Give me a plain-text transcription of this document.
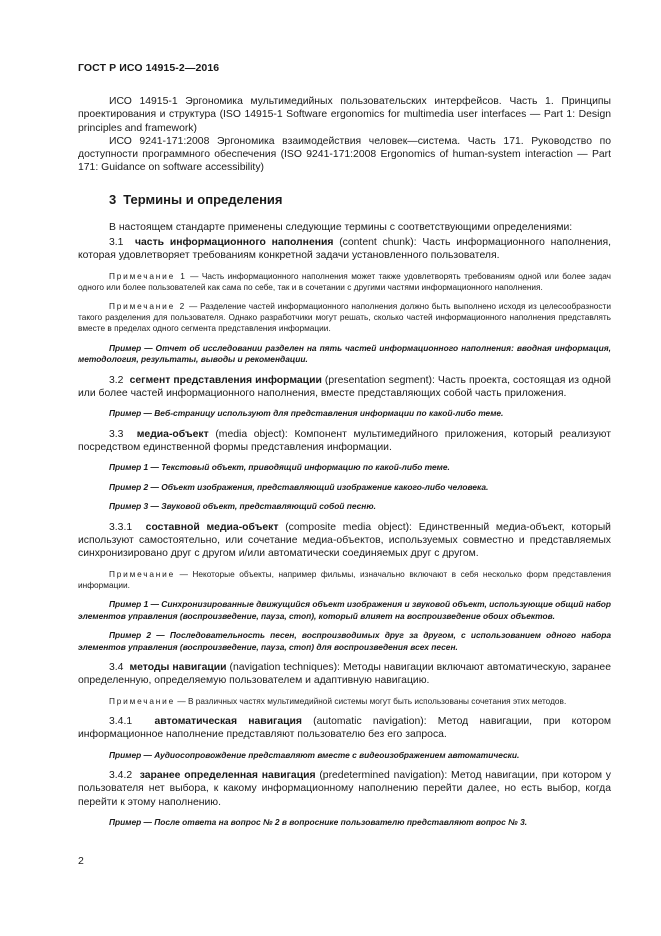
ГОСТ Р ИСО 14915-2—2016

ИСО 14915-1 Эргономика мультимедийных пользовательских интерфейсов. Часть 1. Принципы проектирования и структура (ISO 14915-1 Software ergonomics for multimedia user interfaces — Part 1: Design principles and framework)

ИСО 9241-171:2008 Эргономика взаимодействия человек—система. Часть 171. Руководство по доступности программного обеспечения (ISO 9241-171:2008 Ergonomics of human-system interaction — Part 171: Guidance on software accessibility)

3 Термины и определения

В настоящем стандарте применены следующие термины с соответствующими определениями:

3.1 часть информационного наполнения (content chunk): Часть информационного наполнения, которая удовлетворяет требованиям конкретной задачи установленного пользователя.

Примечание 1 — Часть информационного наполнения может также удовлетворять требованиям одной или более задач одного или более пользователей как сама по себе, так и в сочетании с другими частями информационного наполнения.

Примечание 2 — Разделение частей информационного наполнения должно быть выполнено исходя из целесообразности такого разделения для пользователя. Однако разработчики могут решать, сколько частей информационного наполнения представлять вместе в пределах одного сегмента представления информации.

Пример — Отчет об исследовании разделен на пять частей информационного наполнения: вводная информация, методология, результаты, выводы и рекомендации.

3.2 сегмент представления информации (presentation segment): Часть проекта, состоящая из одной или более частей информационного наполнения, вместе представляющих собой часть приложения.

Пример — Веб-страницу используют для представления информации по какой-либо теме.

3.3 медиа-объект (media object): Компонент мультимедийного приложения, который реализуют посредством единственной формы представления информации.

Пример 1 — Текстовый объект, приводящий информацию по какой-либо теме.

Пример 2 — Объект изображения, представляющий изображение какого-либо человека.

Пример 3 — Звуковой объект, представляющий собой песню.

3.3.1 составной медиа-объект (composite media object): Единственный медиа-объект, который используют самостоятельно, или сочетание медиа-объектов, используемых совместно и представляемых синхронизировано друг с другом и/или автоматически соединяемых друг с другом.

Примечание — Некоторые объекты, например фильмы, изначально включают в себя несколько форм представления информации.

Пример 1 — Синхронизированные движущийся объект изображения и звуковой объект, использующие общий набор элементов управления (воспроизведение, пауза, стоп), который влияет на воспроизведение обоих объектов.

Пример 2 — Последовательность песен, воспроизводимых друг за другом, с использованием одного набора элементов управления (воспроизведение, пауза, стоп) для воспроизведения всех песен.

3.4 методы навигации (navigation techniques): Методы навигации включают автоматическую, заранее определенную, определяемую пользователем и адаптивную навигацию.

Примечание — В различных частях мультимедийной системы могут быть использованы сочетания этих методов.

3.4.1 автоматическая навигация (automatic navigation): Метод навигации, при котором информационное наполнение представляют пользователю без его запроса.

Пример — Аудиосопровождение представляют вместе с видеоизображением автоматически.

3.4.2 заранее определенная навигация (predetermined navigation): Метод навигации, при котором у пользователя нет выбора, к какому информационному наполнению перейти далее, но есть выбор, когда перейти к этому наполнению.

Пример — После ответа на вопрос № 2 в вопроснике пользователю представляют вопрос № 3.

2
